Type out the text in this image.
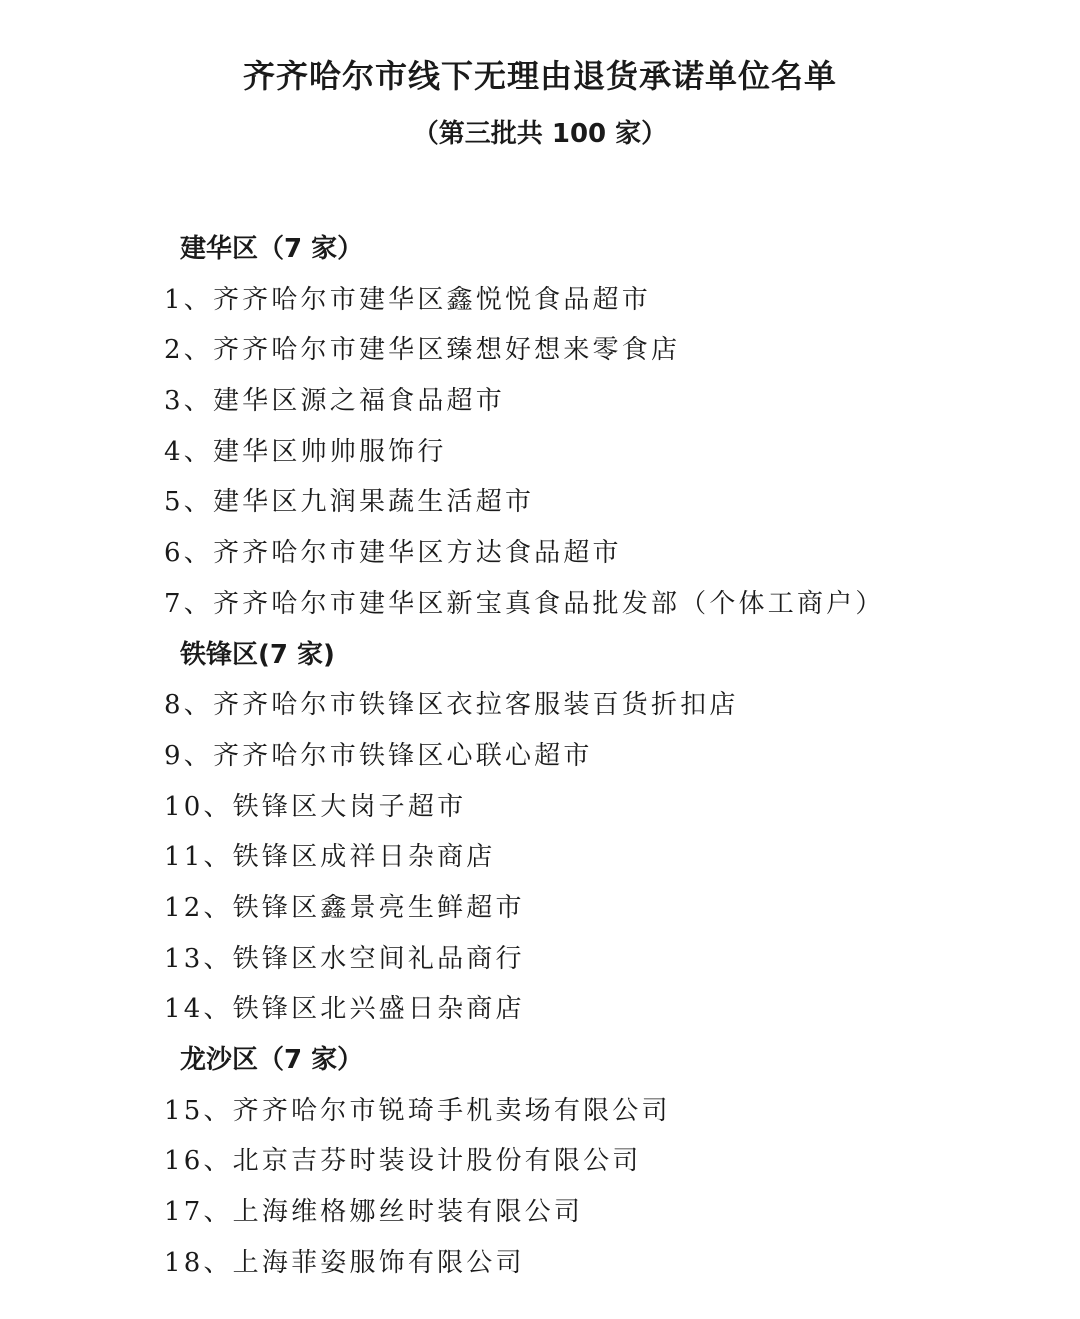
齐齐哈尔市线下无理由退货承诺单位名单
（第三批共 100 家）
建华区（7 家）
1、齐齐哈尔市建华区鑫悦悦食品超市
2、齐齐哈尔市建华区臻想好想来零食店
3、建华区源之福食品超市
4、建华区帅帅服饰行
5、建华区九润果蔬生活超市
6、齐齐哈尔市建华区方达食品超市
7、齐齐哈尔市建华区新宝真食品批发部（个体工商户）
铁锋区(7 家)
8、齐齐哈尔市铁锋区衣拉客服装百货折扣店
9、齐齐哈尔市铁锋区心联心超市
10、铁锋区大岗子超市
11、铁锋区成祥日杂商店
12、铁锋区鑫景亮生鲜超市
13、铁锋区水空间礼品商行
14、铁锋区北兴盛日杂商店
龙沙区（7 家）
15、齐齐哈尔市锐琦手机卖场有限公司
16、北京吉芬时装设计股份有限公司
17、上海维格娜丝时装有限公司
18、上海菲姿服饰有限公司
